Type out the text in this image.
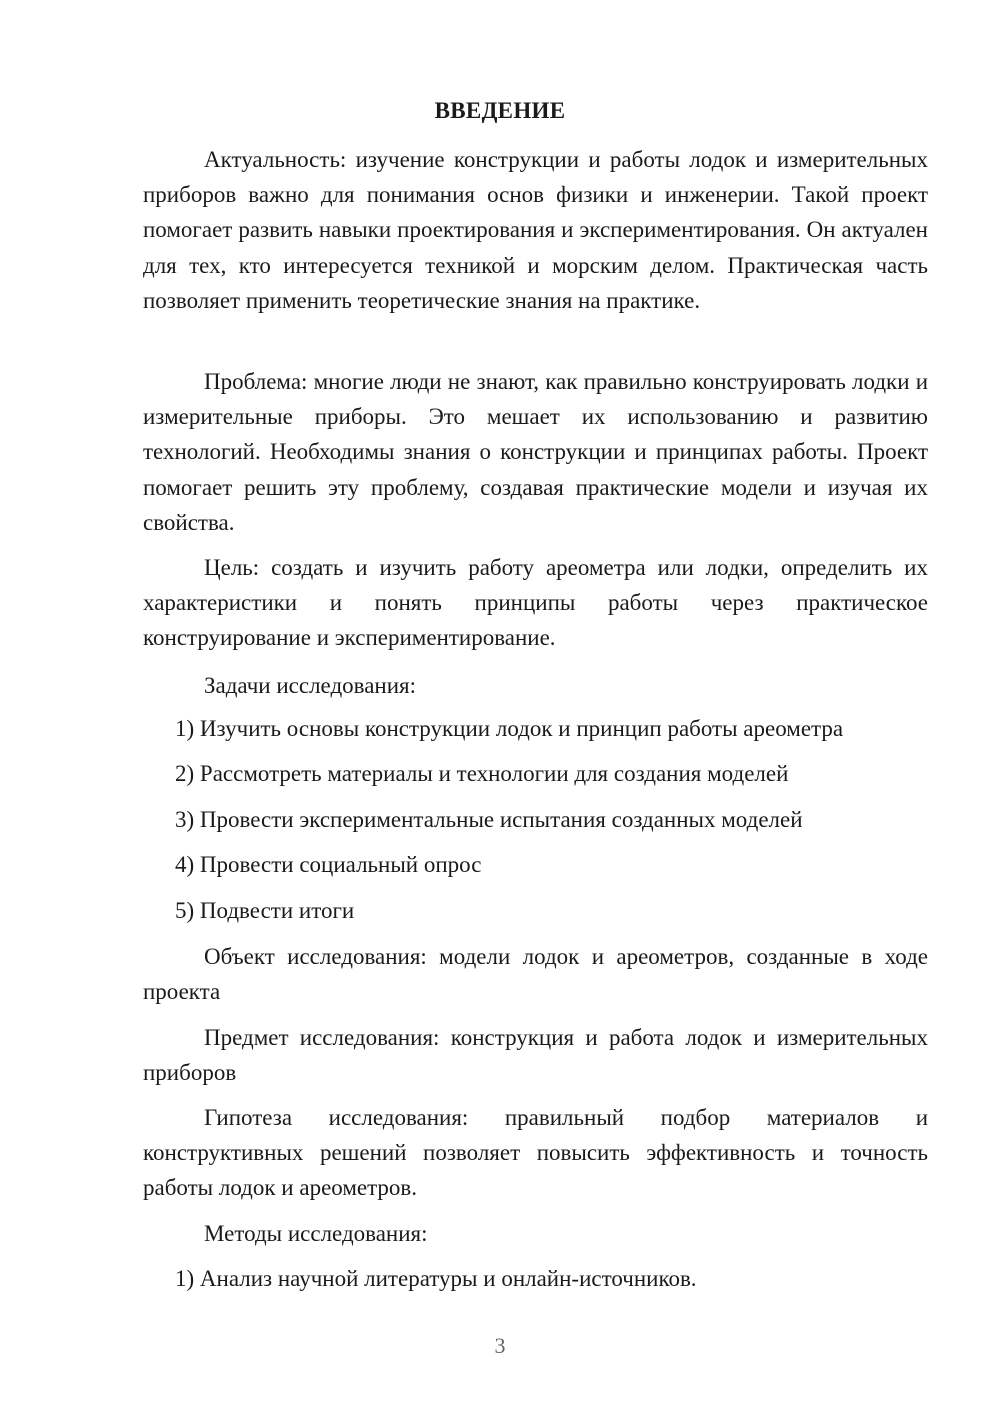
ВВЕДЕНИЕ

Актуальность: изучение конструкции и работы лодок и измерительных приборов важно для понимания основ физики и инженерии. Такой проект помогает развить навыки проектирования и экспериментирования. Он актуален для тех, кто интересуется техникой и морским делом. Практическая часть позволяет применить теоретические знания на практике.

Проблема: многие люди не знают, как правильно конструировать лодки и измерительные приборы. Это мешает их использованию и развитию технологий. Необходимы знания о конструкции и принципах работы. Проект помогает решить эту проблему, создавая практические модели и изучая их свойства.

Цель: создать и изучить работу ареометра или лодки, определить их характеристики и понять принципы работы через практическое конструирование и экспериментирование.

Задачи исследования:

1) Изучить основы конструкции лодок и принцип работы ареометра

2) Рассмотреть материалы и технологии для создания моделей

3) Провести экспериментальные испытания созданных моделей

4) Провести социальный опрос

5) Подвести итоги

Объект исследования: модели лодок и ареометров, созданные в ходе проекта

Предмет исследования: конструкция и работа лодок и измерительных приборов

Гипотеза исследования: правильный подбор материалов и конструктивных решений позволяет повысить эффективность и точность работы лодок и ареометров.

Методы исследования:

1) Анализ научной литературы и онлайн-источников.

3
